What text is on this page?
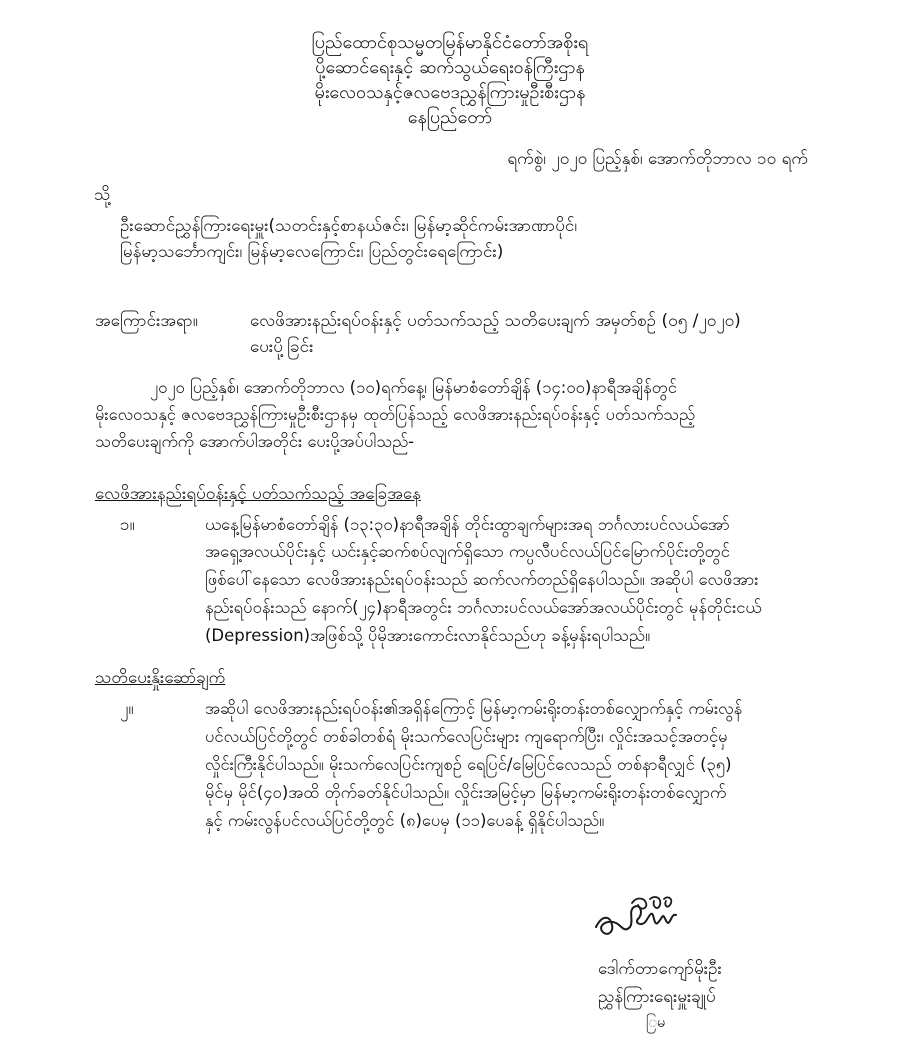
ပြည်ထောင်စုသမ္မတမြန်မာနိုင်ငံတော်အစိုးရ
ပို့ဆောင်ရေးနှင့် ဆက်သွယ်ရေးဝန်ကြီးဌာန
မိုးလေဝသနှင့်ဇလဗေဒညွှန်ကြားမှုဦးစီးဌာန
နေပြည်တော်
ရက်စွဲ၊ ၂၀၂၀ ပြည့်နှစ်၊ အောက်တိုဘာလ ၁၀ ရက်
သို့
ဦးဆောင်ညွှန်ကြားရေးမှူး(သတင်းနှင့်စာနယ်ဇင်း၊ မြန်မာ့ဆိုင်ကမ်းအာဏာပိုင်၊
မြန်မာ့သင်္ဘောကျင်း၊ မြန်မာ့လေကြောင်း၊ ပြည်တွင်းရေကြောင်း)
အကြောင်းအရာ။	လေဖိအားနည်းရပ်ဝန်းနှင့် ပတ်သက်သည့် သတိပေးချက် အမှတ်စဉ် (၀၅ /၂၀၂၀)
ပေးပို့ခြင်း
၂၀၂၀ ပြည့်နှစ်၊ အောက်တိုဘာလ (၁၀)ရက်နေ့၊ မြန်မာစံတော်ချိန် (၁၄:၀၀)နာရီအချိန်တွင်
မိုးလေဝသနှင့် ဇလဗေဒညွှန်ကြားမှုဦးစီးဌာနမှ ထုတ်ပြန်သည့် လေဖိအားနည်းရပ်ဝန်းနှင့် ပတ်သက်သည့်
သတိပေးချက်ကို အောက်ပါအတိုင်း ပေးပို့အပ်ပါသည်-
လေဖိအားနည်းရပ်ဝန်းနှင့် ပတ်သက်သည့် အခြေအနေ
၁။	ယနေ့မြန်မာစံတော်ချိန် (၁၃:၃၀)နာရီအချိန် တိုင်းထွာချက်များအရ ဘင်္ဂလားပင်လယ်အော်
အရှေ့အလယ်ပိုင်းနှင့် ယင်းနှင့်ဆက်စပ်လျက်ရှိသော ကပ္ပလီပင်လယ်ပြင်မြောက်ပိုင်းတို့တွင်
ဖြစ်ပေါ်နေသော လေဖိအားနည်းရပ်ဝန်းသည် ဆက်လက်တည်ရှိနေပါသည်။ အဆိုပါ လေဖိအား
နည်းရပ်ဝန်းသည် နောက်(၂၄)နာရီအတွင်း ဘင်္ဂလားပင်လယ်အော်အလယ်ပိုင်းတွင် မုန်တိုင်းငယ်
(Depression)အဖြစ်သို့ ပိုမိုအားကောင်းလာနိုင်သည်ဟု ခန့်မှန်းရပါသည်။
သတိပေးနှိုးဆော်ချက်
၂။	အဆိုပါ လေဖိအားနည်းရပ်ဝန်း၏အရှိန်ကြောင့် မြန်မာ့ကမ်းရိုးတန်းတစ်လျှောက်နှင့် ကမ်းလွန်
ပင်လယ်ပြင်တို့တွင် တစ်ခါတစ်ရံ မိုးသက်လေပြင်းများ ကျရောက်ပြီး၊ လှိုင်းအသင့်အတင့်မှ
လှိုင်းကြီးနိုင်ပါသည်။ မိုးသက်လေပြင်းကျစဉ် ရေပြင်/မြေပြင်လေသည် တစ်နာရီလျှင် (၃၅)
မိုင်မှ မိုင်(၄၀)အထိ တိုက်ခတ်နိုင်ပါသည်။ လှိုင်းအမြင့်မှာ မြန်မာ့ကမ်းရိုးတန်းတစ်လျှောက်
နှင့် ကမ်းလွန်ပင်လယ်ပြင်တို့တွင် (၈)ပေမှ (၁၁)ပေခန့် ရှိနိုင်ပါသည်။
ဒေါက်တာကျော်မိုးဦး
ညွှန်ကြားရေးမှူးချုပ်
ြမ
